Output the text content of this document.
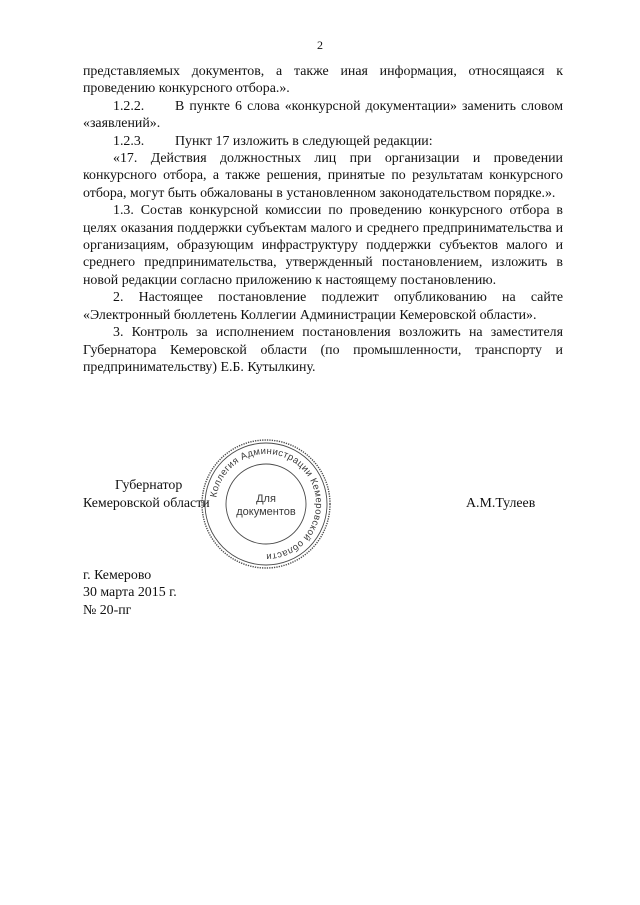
2

представляемых документов, а также иная информация, относящаяся к проведению конкурсного отбора.».

1.2.2. В пункте 6 слова «конкурсной документации» заменить словом «заявлений».

1.2.3. Пункт 17 изложить в следующей редакции:

«17. Действия должностных лиц при организации и проведении конкурсного отбора, а также решения, принятые по результатам конкурсного отбора, могут быть обжалованы в установленном законодательством порядке.».

1.3. Состав конкурсной комиссии по проведению конкурсного отбора в целях оказания поддержки субъектам малого и среднего предпринимательства и организациям, образующим инфраструктуру поддержки субъектов малого и среднего предпринимательства, утвержденный постановлением, изложить в новой редакции согласно приложению к настоящему постановлению.

2. Настоящее постановление подлежит опубликованию на сайте «Электронный бюллетень Коллегии Администрации Кемеровской области».

3. Контроль за исполнением постановления возложить на заместителя Губернатора Кемеровской области (по промышленности, транспорту и предпринимательству) Е.Б. Кутылкину.

Губернатор
Кемеровской области	А.М.Тулеев
Коллегия Администрации Кемеровской области
Для
документов
г. Кемерово
30 марта 2015 г.
№ 20-пг
